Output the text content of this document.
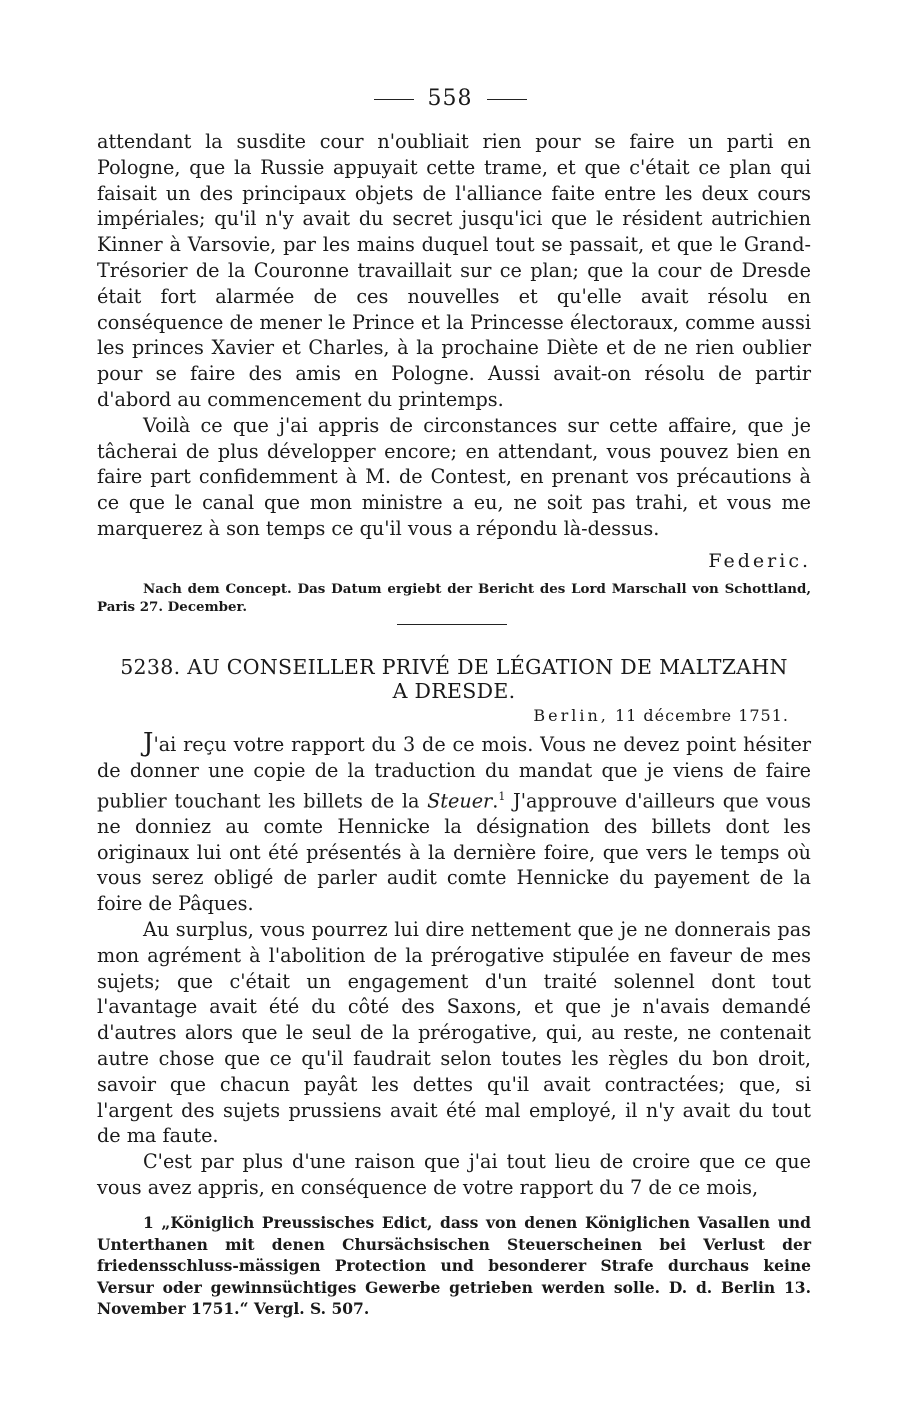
558

attendant la susdite cour n'oubliait rien pour se faire un parti en Pologne, que la Russie appuyait cette trame, et que c'était ce plan qui faisait un des principaux objets de l'alliance faite entre les deux cours impériales; qu'il n'y avait du secret jusqu'ici que le résident autrichien Kinner à Varsovie, par les mains duquel tout se passait, et que le Grand-Trésorier de la Couronne travaillait sur ce plan; que la cour de Dresde était fort alarmée de ces nouvelles et qu'elle avait résolu en conséquence de mener le Prince et la Princesse électoraux, comme aussi les princes Xavier et Charles, à la prochaine Diète et de ne rien oublier pour se faire des amis en Pologne. Aussi avait-on résolu de partir d'abord au commencement du printemps.

Voilà ce que j'ai appris de circonstances sur cette affaire, que je tâcherai de plus développer encore; en attendant, vous pouvez bien en faire part confidemment à M. de Contest, en prenant vos précautions à ce que le canal que mon ministre a eu, ne soit pas trahi, et vous me marquerez à son temps ce qu'il vous a répondu là-dessus.

Federic.
Nach dem Concept. Das Datum ergiebt der Bericht des Lord Marschall von Schottland, Paris 27. December.
5238. AU CONSEILLER PRIVÉ DE LÉGATION DE MALTZAHN
A DRESDE.
Berlin, 11 décembre 1751.

J'ai reçu votre rapport du 3 de ce mois. Vous ne devez point hésiter de donner une copie de la traduction du mandat que je viens de faire publier touchant les billets de la Steuer.$^1$ J'approuve d'ailleurs que vous ne donniez au comte Hennicke la désignation des billets dont les originaux lui ont été présentés à la dernière foire, que vers le temps où vous serez obligé de parler audit comte Hennicke du payement de la foire de Pâques.

Au surplus, vous pourrez lui dire nettement que je ne donnerais pas mon agrément à l'abolition de la prérogative stipulée en faveur de mes sujets; que c'était un engagement d'un traité solennel dont tout l'avantage avait été du côté des Saxons, et que je n'avais demandé d'autres alors que le seul de la prérogative, qui, au reste, ne contenait autre chose que ce qu'il faudrait selon toutes les règles du bon droit, savoir que chacun payât les dettes qu'il avait contractées; que, si l'argent des sujets prussiens avait été mal employé, il n'y avait du tout de ma faute.

C'est par plus d'une raison que j'ai tout lieu de croire que ce que vous avez appris, en conséquence de votre rapport du 7 de ce mois,

1 „Königlich Preussisches Edict, dass von denen Königlichen Vasallen und Unterthanen mit denen Chursächsischen Steuerscheinen bei Verlust der friedensschluss-mässigen Protection und besonderer Strafe durchaus keine Versur oder gewinnsüchtiges Gewerbe getrieben werden solle. D. d. Berlin 13. November 1751.“ Vergl. S. 507.
